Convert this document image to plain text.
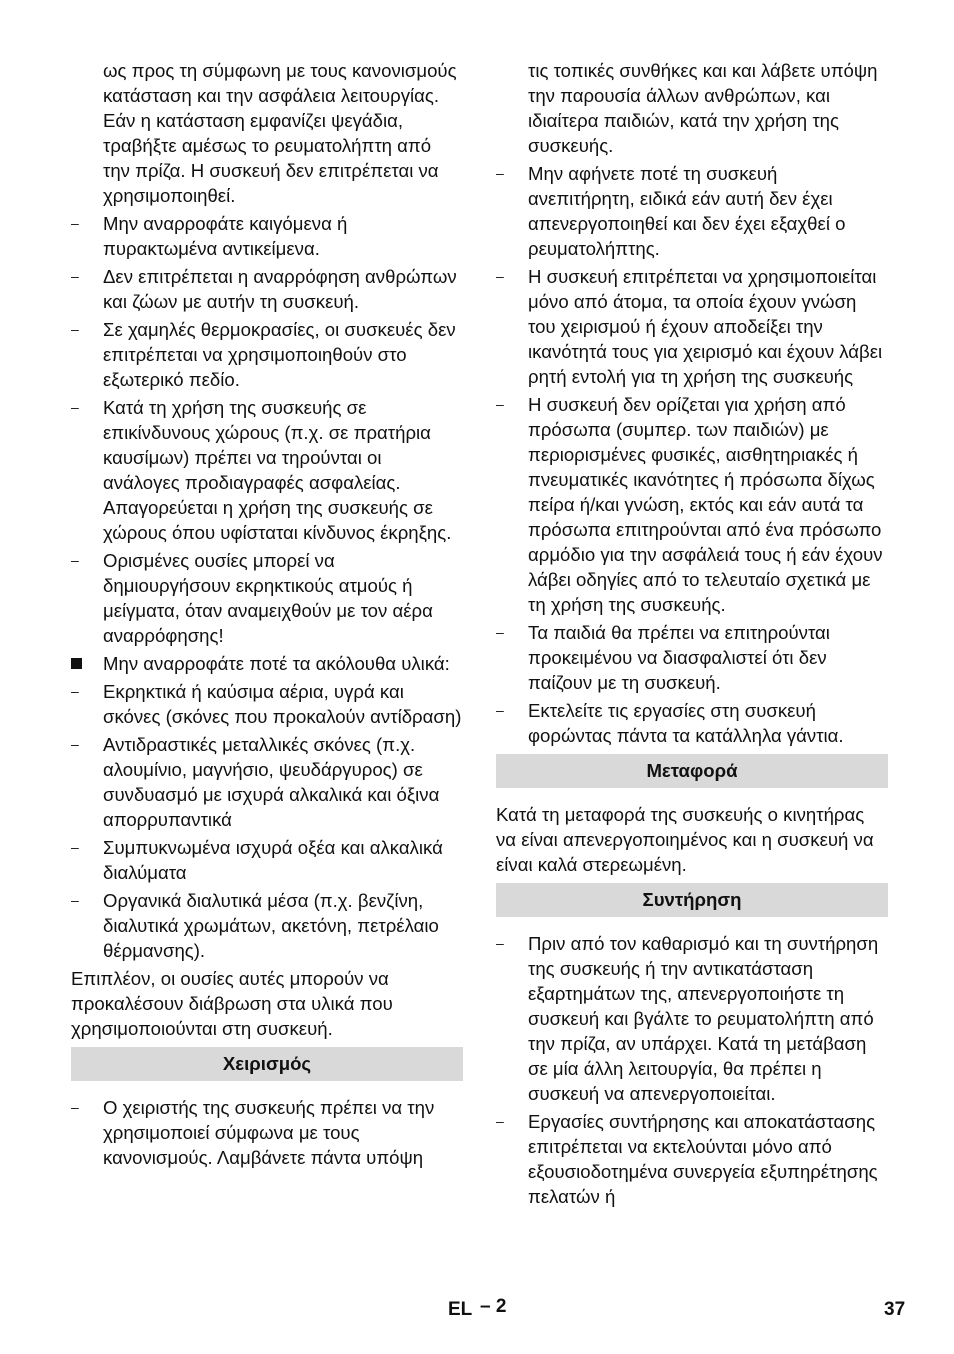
ως προς τη σύμφωνη με τους κανονισμούς κατάσταση και την ασφάλεια λειτουργίας. Εάν η κατάσταση εμφανίζει ψεγάδια, τραβήξτε αμέσως το ρευματολήπτη από την πρίζα. Η συσκευή δεν επιτρέπεται να χρησιμοποιηθεί.
–	Μην αναρροφάτε καιγόμενα ή πυρακτωμένα αντικείμενα.
–	Δεν επιτρέπεται η αναρρόφηση ανθρώπων και ζώων με αυτήν τη συσκευή.
–	Σε χαμηλές θερμοκρασίες, οι συσκευές δεν επιτρέπεται να χρησιμοποιηθούν στο εξωτερικό πεδίο.
–	Κατά τη χρήση της συσκευής σε επικίνδυνους χώρους (π.χ. σε πρατήρια καυσίμων) πρέπει να τηρούνται οι ανάλογες προδιαγραφές ασφαλείας. Απαγορεύεται η χρήση της συσκευής σε χώρους όπου υφίσταται κίνδυνος έκρηξης.
–	Ορισμένες ουσίες μπορεί να δημιουργήσουν εκρηκτικούς ατμούς ή μείγματα, όταν αναμειχθούν με τον αέρα αναρρόφησης!
Μην αναρροφάτε ποτέ τα ακόλουθα υλικά:
–	Εκρηκτικά ή καύσιμα αέρια, υγρά και σκόνες (σκόνες που προκαλούν αντίδραση)
–	Αντιδραστικές μεταλλικές σκόνες (π.χ. αλουμίνιο, μαγνήσιο, ψευδάργυρος) σε συνδυασμό με ισχυρά αλκαλικά και όξινα απορρυπαντικά
–	Συμπυκνωμένα ισχυρά οξέα και αλκαλικά διαλύματα
–	Οργανικά διαλυτικά μέσα (π.χ. βενζίνη, διαλυτικά χρωμάτων, ακετόνη, πετρέλαιο θέρμανσης).
Επιπλέον, οι ουσίες αυτές μπορούν να προκαλέσουν διάβρωση στα υλικά που χρησιμοποιούνται στη συσκευή.
Χειρισμός
–	Ο χειριστής της συσκευής πρέπει να την χρησιμοποιεί σύμφωνα με τους κανονισμούς. Λαμβάνετε πάντα υπόψη
τις τοπικές συνθήκες και και λάβετε υπόψη την παρουσία άλλων ανθρώπων, και ιδιαίτερα παιδιών, κατά την χρήση της συσκευής.
–	Μην αφήνετε ποτέ τη συσκευή ανεπιτήρητη, ειδικά εάν αυτή δεν έχει απενεργοποιηθεί και δεν έχει εξαχθεί ο ρευματολήπτης.
–	Η συσκευή επιτρέπεται να χρησιμοποιείται μόνο από άτομα, τα οποία έχουν γνώση του χειρισμού ή έχουν αποδείξει την ικανότητά τους για χειρισμό και έχουν λάβει ρητή εντολή για τη χρήση της συσκευής
–	Η συσκευή δεν ορίζεται για χρήση από πρόσωπα (συμπερ. των παιδιών) με περιορισμένες φυσικές, αισθητηριακές ή πνευματικές ικανότητες ή πρόσωπα δίχως πείρα ή/και γνώση, εκτός και εάν αυτά τα πρόσωπα επιτηρούνται από ένα πρόσωπο αρμόδιο για την ασφάλειά τους ή εάν έχουν λάβει οδηγίες από το τελευταίο σχετικά με τη χρήση της συσκευής.
–	Τα παιδιά θα πρέπει να επιτηρούνται προκειμένου να διασφαλιστεί ότι δεν παίζουν με τη συσκευή.
–	Εκτελείτε τις εργασίες στη συσκευή φορώντας πάντα τα κατάλληλα γάντια.
Μεταφορά
Κατά τη μεταφορά της συσκευής ο κινητήρας να είναι απενεργοποιημένος και η συσκευή να είναι καλά στερεωμένη.
Συντήρηση
–	Πριν από τον καθαρισμό και τη συντήρηση της συσκευής ή την αντικατάσταση εξαρτημάτων της, απενεργοποιήστε τη συσκευή και βγάλτε το ρευματολήπτη από την πρίζα, αν υπάρχει. Κατά τη μετάβαση σε μία άλλη λειτουργία, θα πρέπει η συσκευή να απενεργοποιείται.
–	Εργασίες συντήρησης και αποκατάστασης επιτρέπεται να εκτελούνται μόνο από εξουσιοδοτημένα συνεργεία εξυπηρέτησης πελατών ή
EL – 2	37
